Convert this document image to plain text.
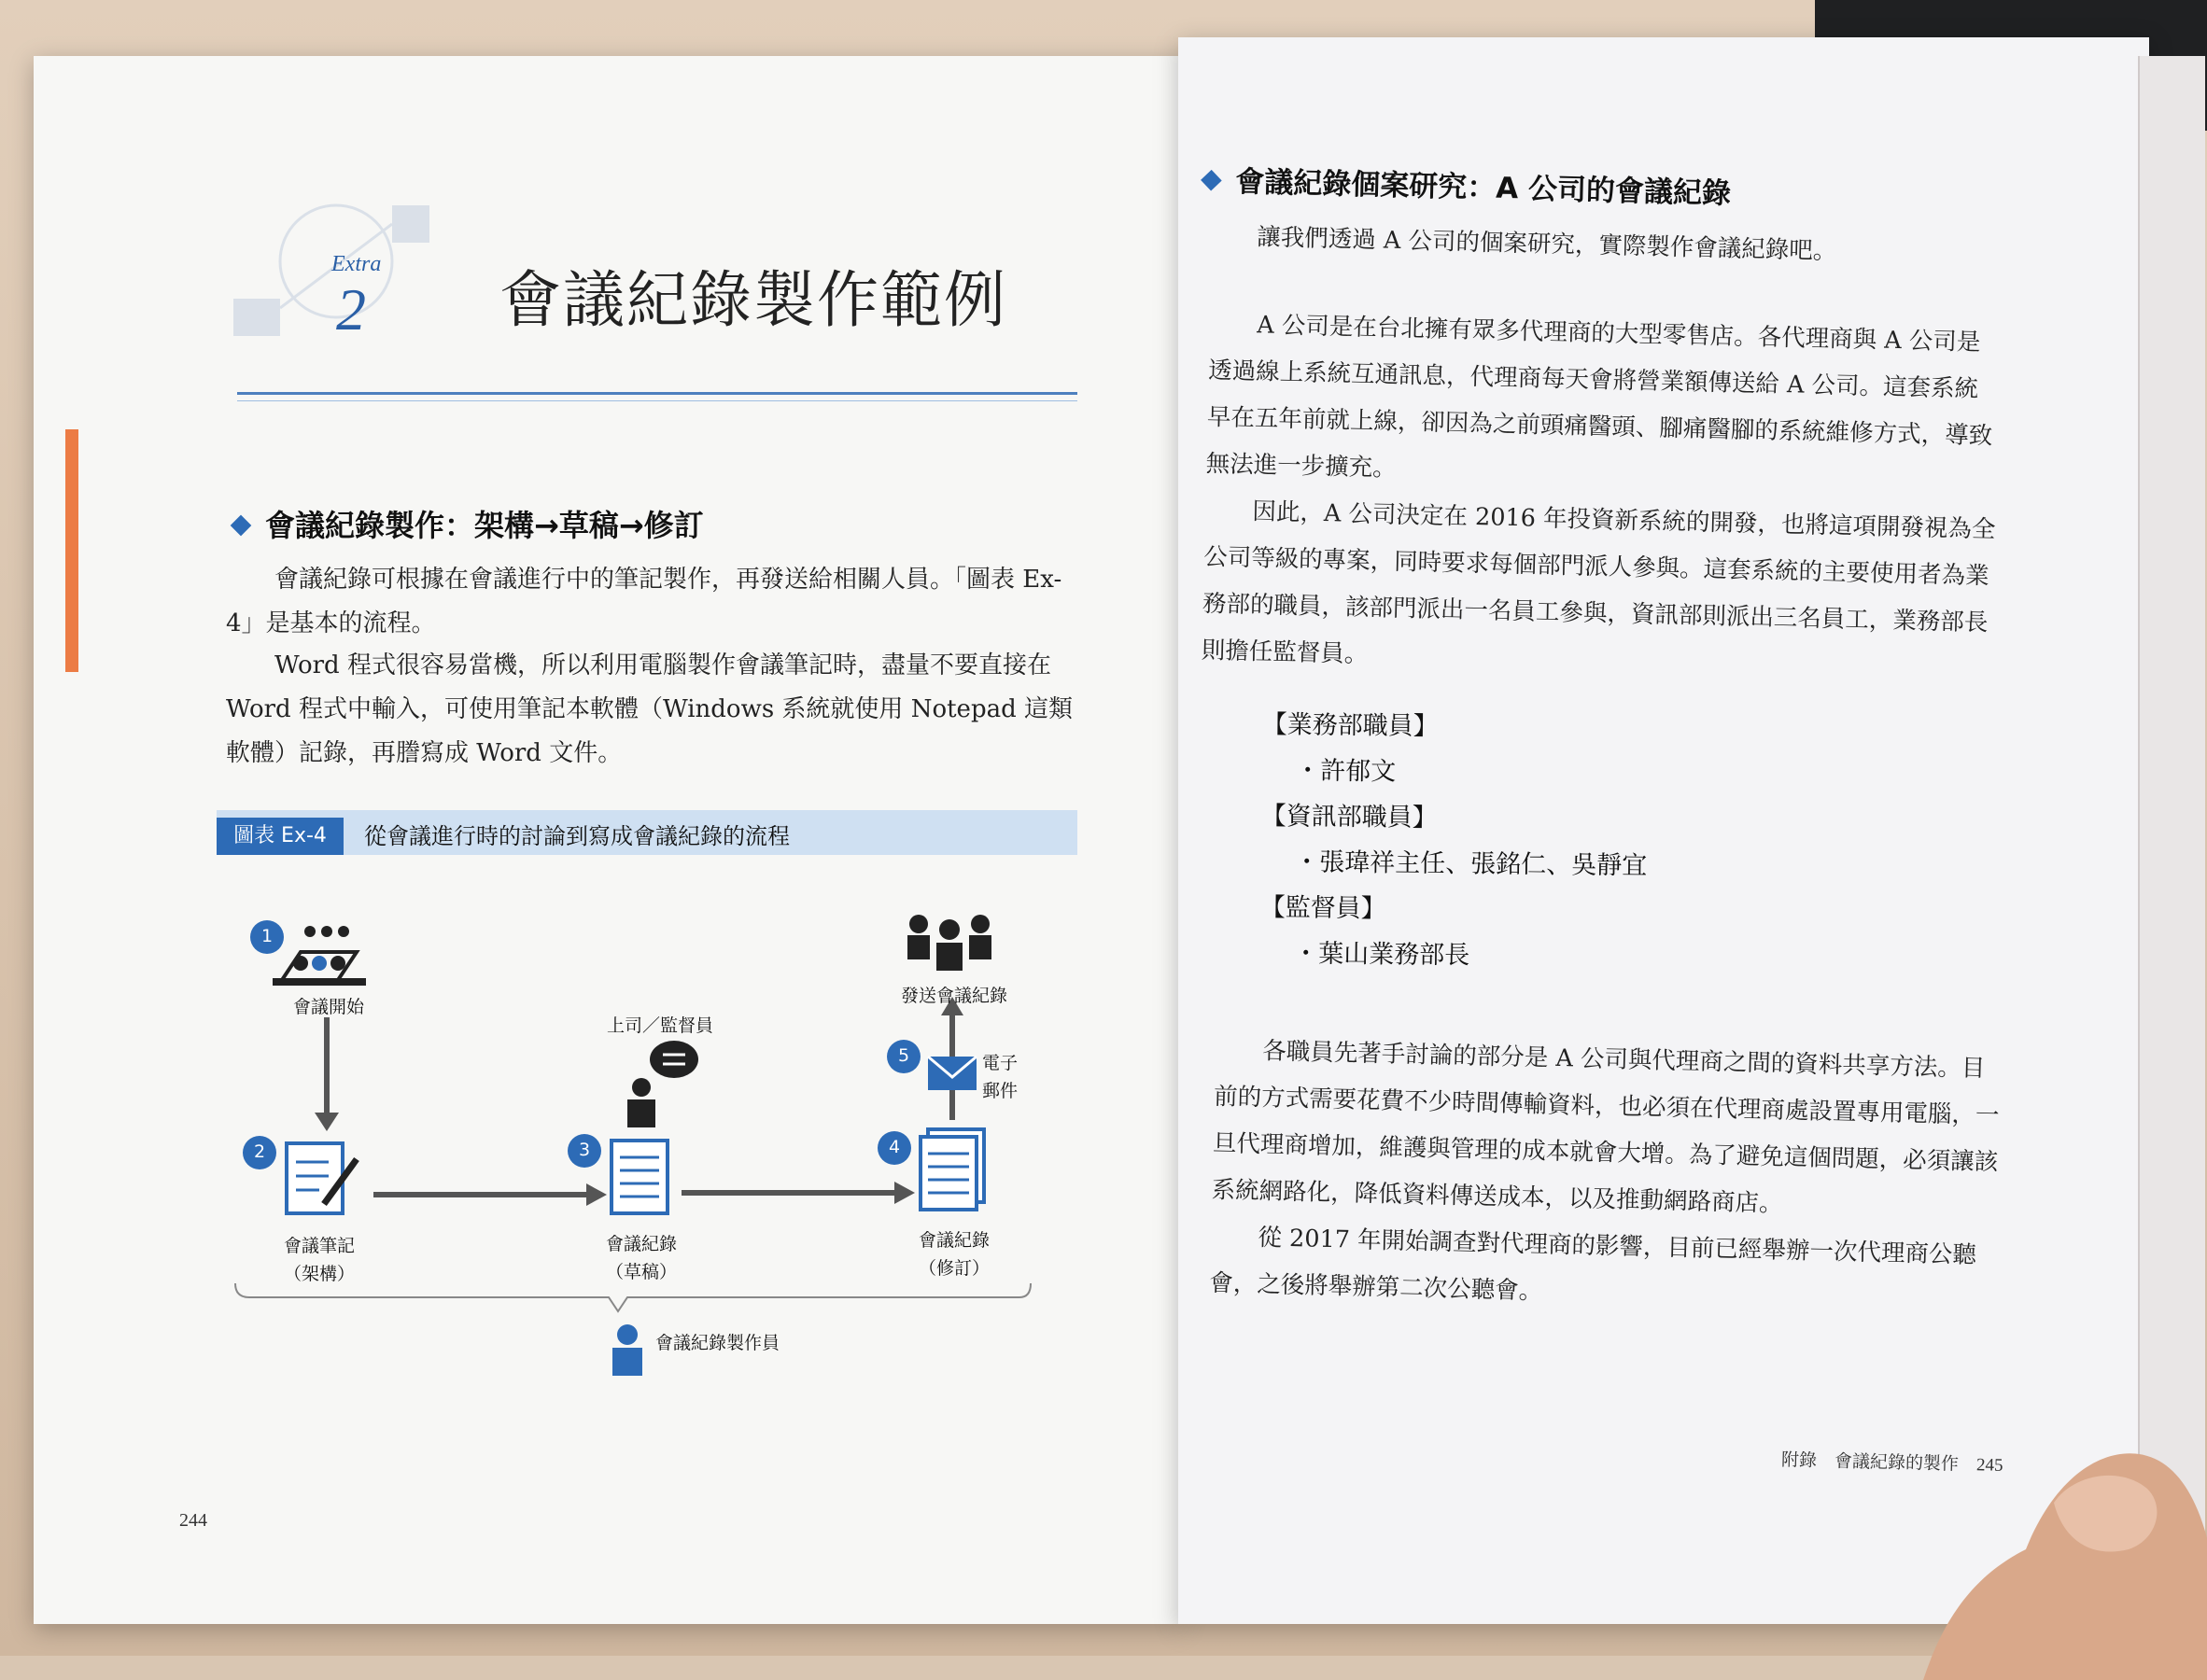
Extra
2 會議紀錄製作範例
會議紀錄製作：架構→草稿→修訂
會議紀錄可根據在會議進行中的筆記製作，再發送給相關人員。「圖表 Ex-4」是基本的流程。
Word 程式很容易當機，所以利用電腦製作會議筆記時，盡量不要直接在 Word 程式中輸入，可使用筆記本軟體（Windows 系統就使用 Notepad 這類軟體）記錄，再謄寫成 Word 文件。
圖表 Ex-4	從會議進行時的討論到寫成會議紀錄的流程
1
2	3	4
5
會議開始
會議筆記
（架構）
會議紀錄
（草稿）
會議紀錄
（修訂）
電子
郵件
上司／監督員
發送會議紀錄
會議紀錄製作員
244
會議紀錄個案研究：A 公司的會議紀錄

讓我們透過 A 公司的個案研究，實際製作會議紀錄吧。

A 公司是在台北擁有眾多代理商的大型零售店。各代理商與 A 公司是透過線上系統互通訊息，代理商每天會將營業額傳送給 A 公司。這套系統早在五年前就上線，卻因為之前頭痛醫頭、腳痛醫腳的系統維修方式，導致無法進一步擴充。

因此，A 公司決定在 2016 年投資新系統的開發，也將這項開發視為全公司等級的專案，同時要求每個部門派人參與。這套系統的主要使用者為業務部的職員，該部門派出一名員工參與，資訊部則派出三名員工，業務部長則擔任監督員。

【業務部職員】
・許郁文
【資訊部職員】
・張瑋祥主任、張銘仁、吳靜宜
【監督員】
・葉山業務部長

各職員先著手討論的部分是 A 公司與代理商之間的資料共享方法。目前的方式需要花費不少時間傳輸資料，也必須在代理商處設置專用電腦，一旦代理商增加，維護與管理的成本就會大增。為了避免這個問題，必須讓該系統網路化，降低資料傳送成本，以及推動網路商店。

從 2017 年開始調查對代理商的影響，目前已經舉辦一次代理商公聽會，之後將舉辦第二次公聽會。

附錄　會議紀錄的製作　 245
